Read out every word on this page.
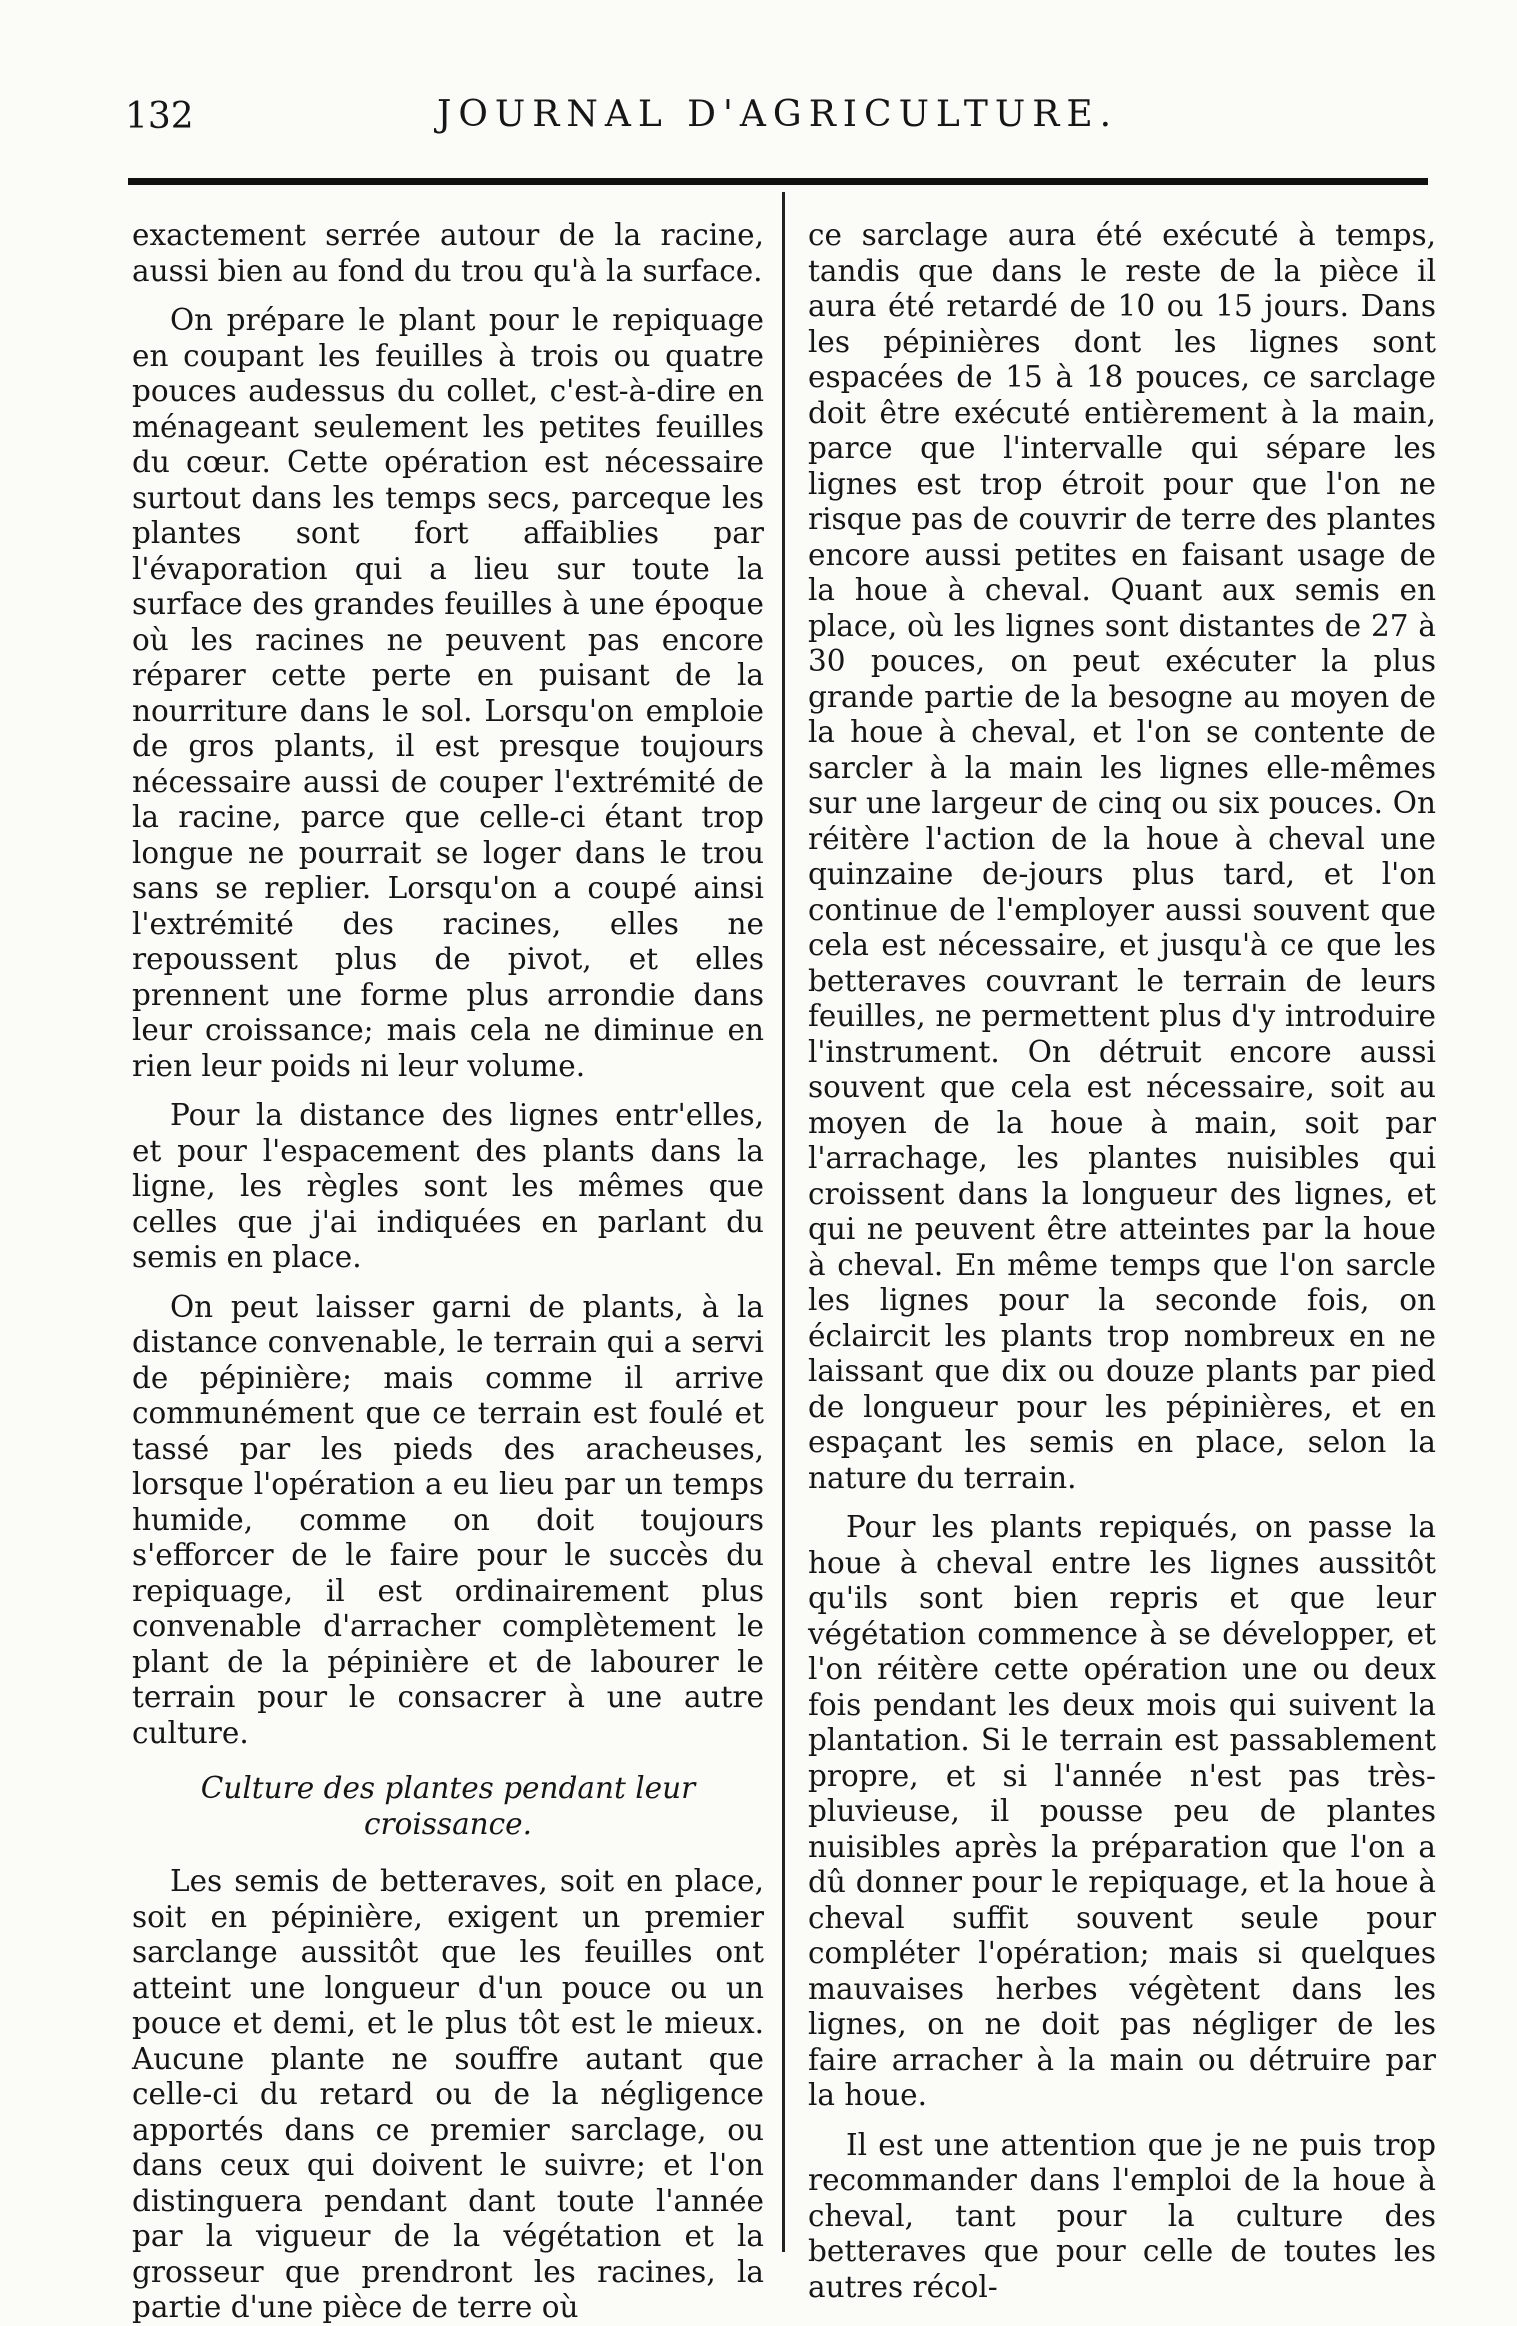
132	JOURNAL D'AGRICULTURE.

exactement serrée autour de la racine, aussi bien au fond du trou qu'à la surface.

On prépare le plant pour le repiquage en coupant les feuilles à trois ou quatre pouces audessus du collet, c'est-à-dire en ménageant seulement les petites feuilles du cœur. Cette opération est nécessaire surtout dans les temps secs, parceque les plantes sont fort affaiblies par l'évaporation qui a lieu sur toute la surface des grandes feuilles à une époque où les racines ne peuvent pas encore réparer cette perte en puisant de la nourriture dans le sol. Lorsqu'on emploie de gros plants, il est presque toujours nécessaire aussi de couper l'extrémité de la racine, parce que celle-ci étant trop longue ne pourrait se loger dans le trou sans se replier. Lorsqu'on a coupé ainsi l'extrémité des racines, elles ne repoussent plus de pivot, et elles prennent une forme plus arrondie dans leur croissance; mais cela ne diminue en rien leur poids ni leur volume.

Pour la distance des lignes entr'elles, et pour l'espacement des plants dans la ligne, les règles sont les mêmes que celles que j'ai indiquées en parlant du semis en place.

On peut laisser garni de plants, à la distance convenable, le terrain qui a servi de pépinière; mais comme il arrive communément que ce terrain est foulé et tassé par les pieds des aracheuses, lorsque l'opération a eu lieu par un temps humide, comme on doit toujours s'efforcer de le faire pour le succès du repiquage, il est ordinairement plus convenable d'arracher complètement le plant de la pépinière et de labourer le terrain pour le consacrer à une autre culture.

Culture des plantes pendant leur croissance.

Les semis de betteraves, soit en place, soit en pépinière, exigent un premier sarclange aussitôt que les feuilles ont atteint une longueur d'un pouce ou un pouce et demi, et le plus tôt est le mieux. Aucune plante ne souffre autant que celle-ci du retard ou de la négligence apportés dans ce premier sarclage, ou dans ceux qui doivent le suivre; et l'on distinguera pendant dant toute l'année par la vigueur de la végétation et la grosseur que prendront les racines, la partie d'une pièce de terre où

ce sarclage aura été exécuté à temps, tandis que dans le reste de la pièce il aura été retardé de 10 ou 15 jours. Dans les pépinières dont les lignes sont espacées de 15 à 18 pouces, ce sarclage doit être exécuté entièrement à la main, parce que l'intervalle qui sépare les lignes est trop étroit pour que l'on ne risque pas de couvrir de terre des plantes encore aussi petites en faisant usage de la houe à cheval. Quant aux semis en place, où les lignes sont distantes de 27 à 30 pouces, on peut exécuter la plus grande partie de la besogne au moyen de la houe à cheval, et l'on se contente de sarcler à la main les lignes elle-mêmes sur une largeur de cinq ou six pouces. On réitère l'action de la houe à cheval une quinzaine de-jours plus tard, et l'on continue de l'employer aussi souvent que cela est nécessaire, et jusqu'à ce que les betteraves couvrant le terrain de leurs feuilles, ne permettent plus d'y introduire l'instrument. On détruit encore aussi souvent que cela est nécessaire, soit au moyen de la houe à main, soit par l'arrachage, les plantes nuisibles qui croissent dans la longueur des lignes, et qui ne peuvent être atteintes par la houe à cheval. En même temps que l'on sarcle les lignes pour la seconde fois, on éclaircit les plants trop nombreux en ne laissant que dix ou douze plants par pied de longueur pour les pépinières, et en espaçant les semis en place, selon la nature du terrain.

Pour les plants repiqués, on passe la houe à cheval entre les lignes aussitôt qu'ils sont bien repris et que leur végétation commence à se développer, et l'on réitère cette opération une ou deux fois pendant les deux mois qui suivent la plantation. Si le terrain est passablement propre, et si l'année n'est pas très-pluvieuse, il pousse peu de plantes nuisibles après la préparation que l'on a dû donner pour le repiquage, et la houe à cheval suffit souvent seule pour compléter l'opération; mais si quelques mauvaises herbes végètent dans les lignes, on ne doit pas négliger de les faire arracher à la main ou détruire par la houe.

Il est une attention que je ne puis trop recommander dans l'emploi de la houe à cheval, tant pour la culture des betteraves que pour celle de toutes les autres récol-
